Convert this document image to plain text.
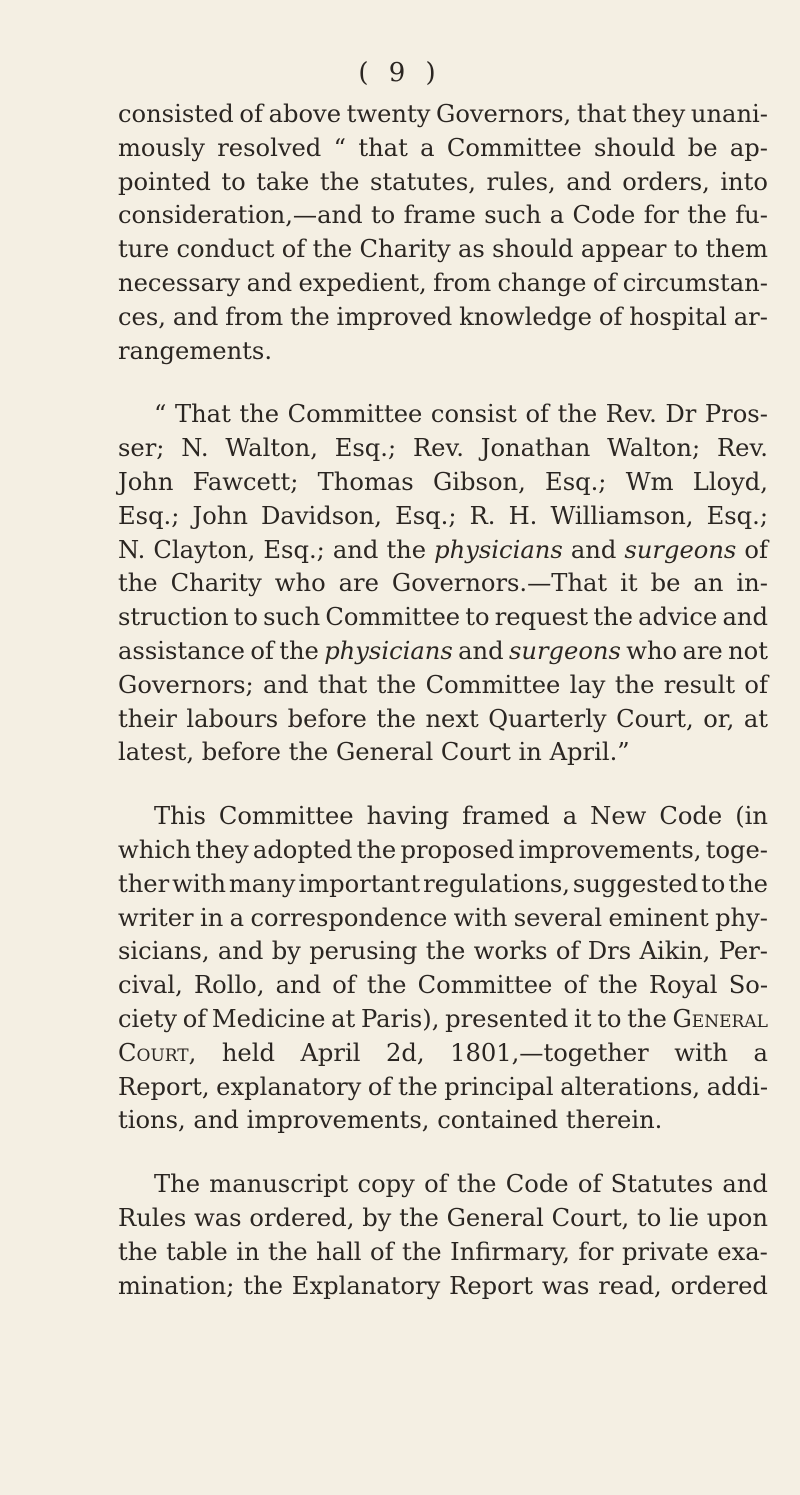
( 9 )
consisted of above twenty Governors, that they unani-
mously resolved “ that a Committee should be ap-
pointed to take the statutes, rules, and orders, into
consideration,—and to frame such a Code for the fu-
ture conduct of the Charity as should appear to them
necessary and expedient, from change of circumstan-
ces, and from the improved knowledge of hospital ar-
rangements.
“ That the Committee consist of the Rev. Dr Pros-
ser; N. Walton, Esq.; Rev. Jonathan Walton; Rev.
John Fawcett; Thomas Gibson, Esq.; Wm Lloyd,
Esq.; John Davidson, Esq.; R. H. Williamson, Esq.;
N. Clayton, Esq.; and the physicians and surgeons of
the Charity who are Governors.—That it be an in-
struction to such Committee to request the advice and
assistance of the physicians and surgeons who are not
Governors; and that the Committee lay the result of
their labours before the next Quarterly Court, or, at
latest,
before
the
General
Court
in
April.”
This Committee having framed a New Code (in
which they adopted the proposed improvements, toge-
ther with many important regulations, suggested to the
writer in a correspondence with several eminent phy-
sicians, and by perusing the works of Drs Aikin, Per-
cival, Rollo, and of the Committee of the Royal So-
ciety of Medicine at Paris), presented it to the General
Court, held April 2d, 1801,—together with a
Report, explanatory of the principal alterations, addi-
tions,
and
improvements,
contained
therein.
The manuscript copy of the Code of Statutes and
Rules was ordered, by the General Court, to lie upon
the table in the hall of the Infirmary, for private exa-
mination; the Explanatory Report was read, ordered
